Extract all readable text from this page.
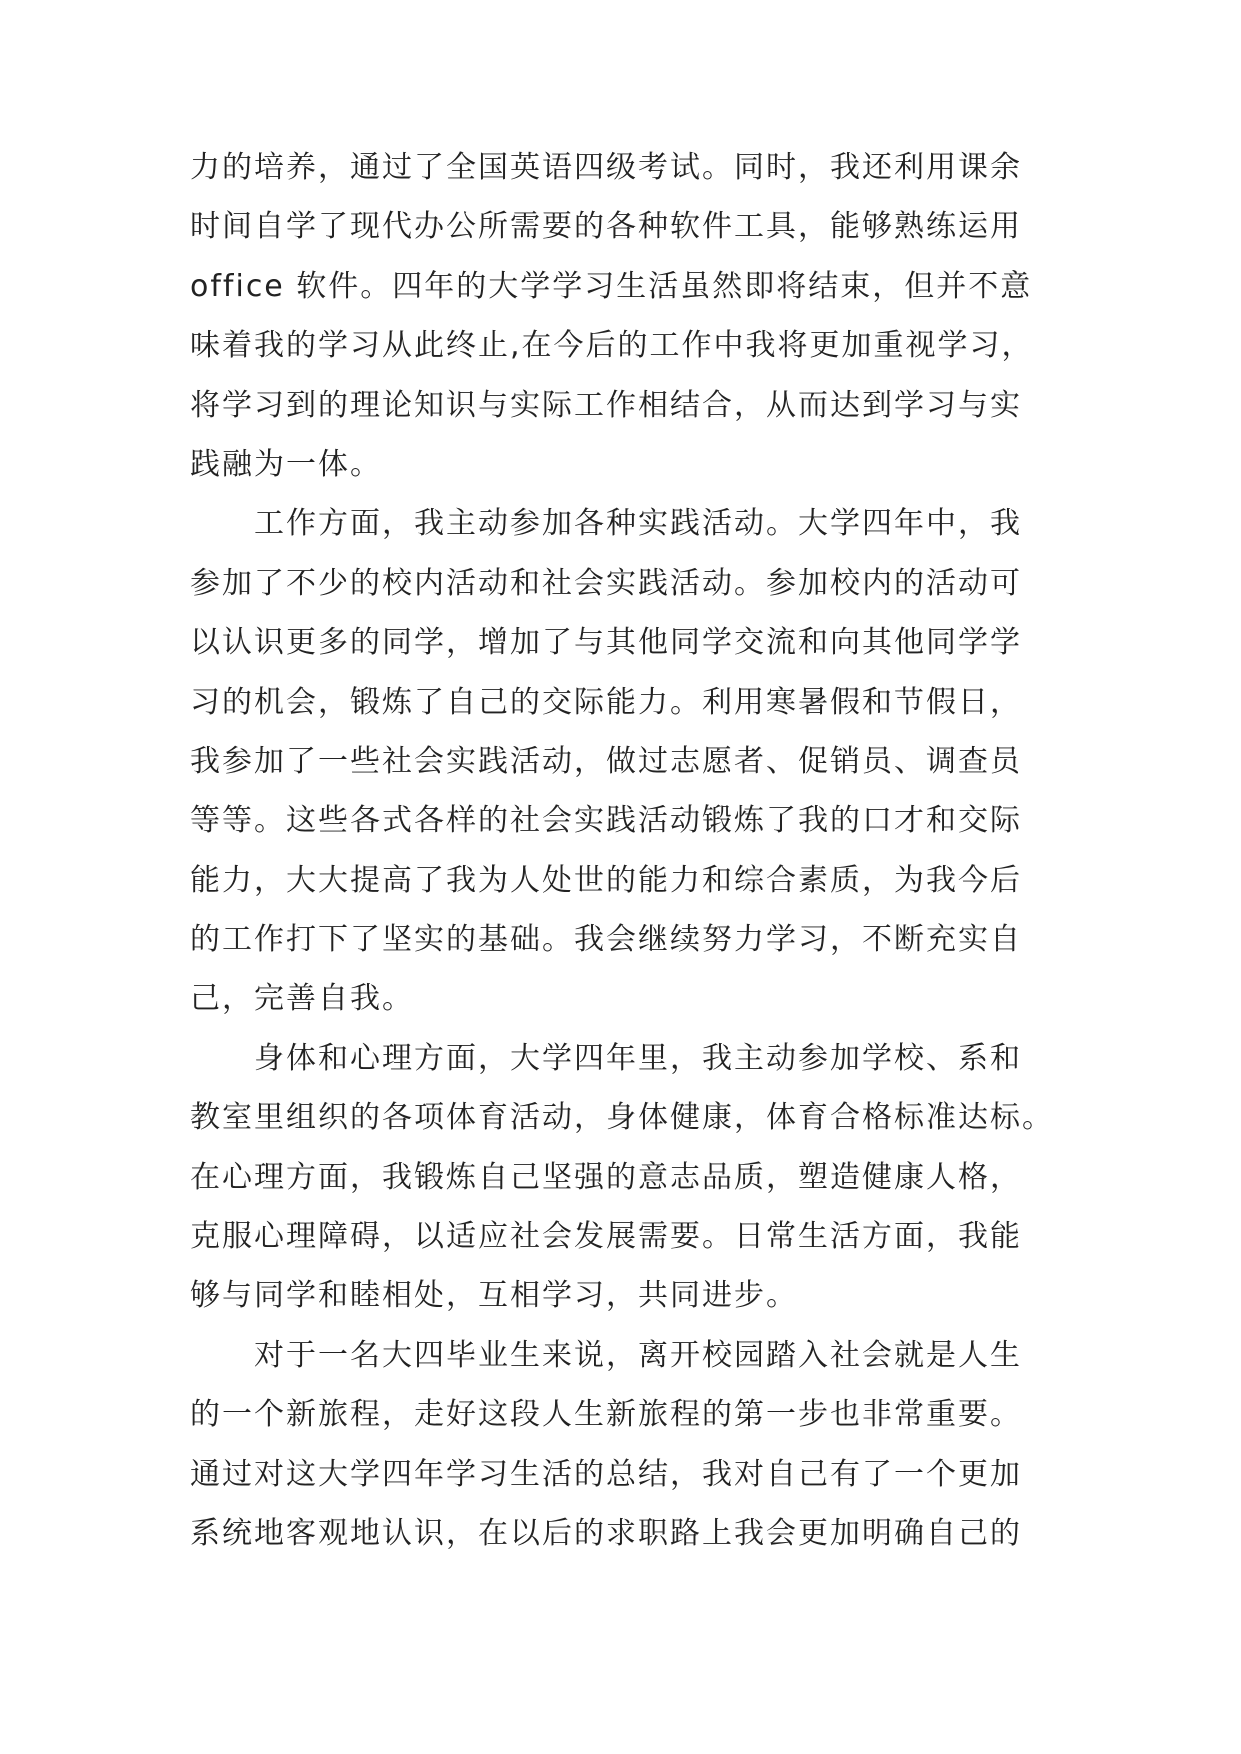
力的培养，通过了全国英语四级考试。同时，我还利用课余
时间自学了现代办公所需要的各种软件工具，能够熟练运用
office 软件。四年的大学学习生活虽然即将结束，但并不意
味着我的学习从此终止,在今后的工作中我将更加重视学习，
将学习到的理论知识与实际工作相结合，从而达到学习与实
践融为一体。
　　工作方面，我主动参加各种实践活动。大学四年中，我
参加了不少的校内活动和社会实践活动。参加校内的活动可
以认识更多的同学，增加了与其他同学交流和向其他同学学
习的机会，锻炼了自己的交际能力。利用寒暑假和节假日，
我参加了一些社会实践活动，做过志愿者、促销员、调查员
等等。这些各式各样的社会实践活动锻炼了我的口才和交际
能力，大大提高了我为人处世的能力和综合素质，为我今后
的工作打下了坚实的基础。我会继续努力学习，不断充实自
己，完善自我。
　　身体和心理方面，大学四年里，我主动参加学校、系和
教室里组织的各项体育活动，身体健康，体育合格标准达标。
在心理方面，我锻炼自己坚强的意志品质，塑造健康人格，
克服心理障碍，以适应社会发展需要。日常生活方面，我能
够与同学和睦相处，互相学习，共同进步。
　　对于一名大四毕业生来说，离开校园踏入社会就是人生
的一个新旅程，走好这段人生新旅程的第一步也非常重要。
通过对这大学四年学习生活的总结，我对自己有了一个更加
系统地客观地认识，在以后的求职路上我会更加明确自己的
